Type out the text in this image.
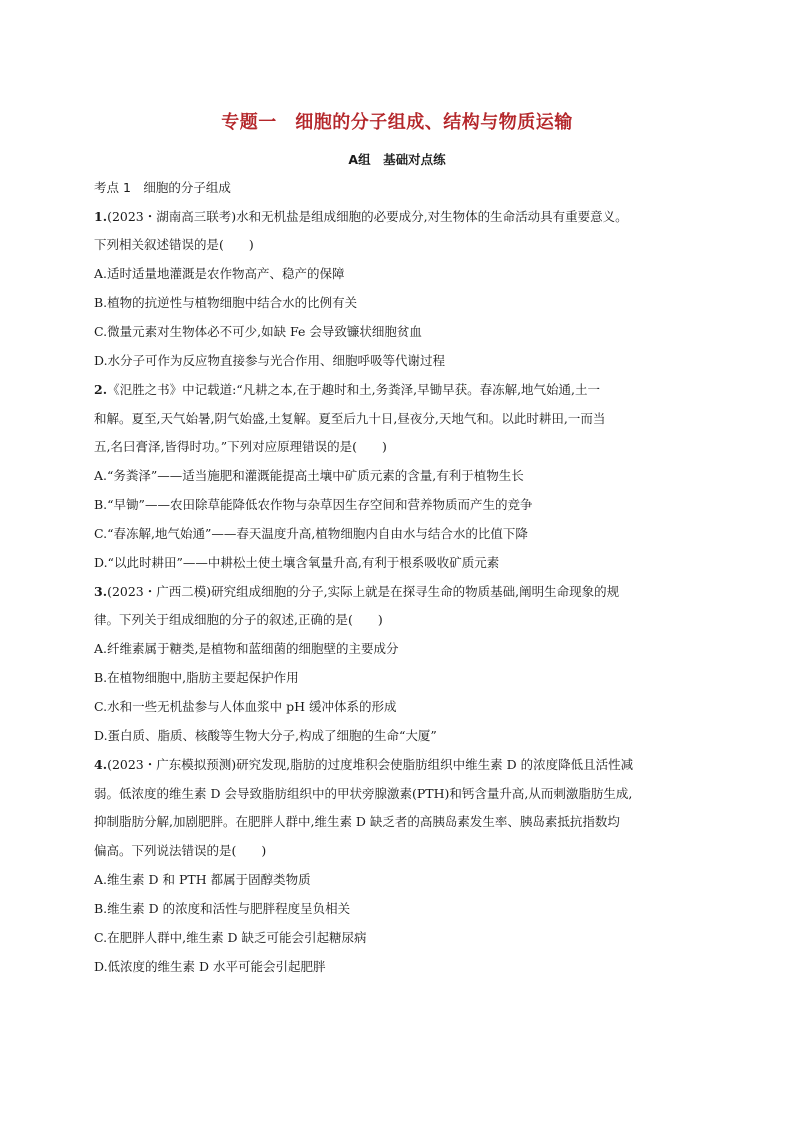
专题一　细胞的分子组成、结构与物质运输
A组　基础对点练
考点 1　细胞的分子组成
1.(2023・湖南高三联考)水和无机盐是组成细胞的必要成分,对生物体的生命活动具有重要意义。
下列相关叙述错误的是(　　)
A.适时适量地灌溉是农作物高产、稳产的保障
B.植物的抗逆性与植物细胞中结合水的比例有关
C.微量元素对生物体必不可少,如缺 Fe 会导致镰状细胞贫血
D.水分子可作为反应物直接参与光合作用、细胞呼吸等代谢过程
2.《氾胜之书》中记载道:“凡耕之本,在于趣时和土,务粪泽,早锄早获。春冻解,地气始通,土一
和解。夏至,天气始暑,阴气始盛,土复解。夏至后九十日,昼夜分,天地气和。以此时耕田,一而当
五,名曰膏泽,皆得时功。”下列对应原理错误的是(　　)
A.“务粪泽”——适当施肥和灌溉能提高土壤中矿质元素的含量,有利于植物生长
B.“早锄”——农田除草能降低农作物与杂草因生存空间和营养物质而产生的竞争
C.“春冻解,地气始通”——春天温度升高,植物细胞内自由水与结合水的比值下降
D.“以此时耕田”——中耕松土使土壤含氧量升高,有利于根系吸收矿质元素
3.(2023・广西二模)研究组成细胞的分子,实际上就是在探寻生命的物质基础,阐明生命现象的规
律。下列关于组成细胞的分子的叙述,正确的是(　　)
A.纤维素属于糖类,是植物和蓝细菌的细胞壁的主要成分
B.在植物细胞中,脂肪主要起保护作用
C.水和一些无机盐参与人体血浆中 pH 缓冲体系的形成
D.蛋白质、脂质、核酸等生物大分子,构成了细胞的生命“大厦”
4.(2023・广东模拟预测)研究发现,脂肪的过度堆积会使脂肪组织中维生素 D 的浓度降低且活性减
弱。低浓度的维生素 D 会导致脂肪组织中的甲状旁腺激素(PTH)和钙含量升高,从而刺激脂肪生成,
抑制脂肪分解,加剧肥胖。在肥胖人群中,维生素 D 缺乏者的高胰岛素发生率、胰岛素抵抗指数均
偏高。下列说法错误的是(　　)
A.维生素 D 和 PTH 都属于固醇类物质
B.维生素 D 的浓度和活性与肥胖程度呈负相关
C.在肥胖人群中,维生素 D 缺乏可能会引起糖尿病
D.低浓度的维生素 D 水平可能会引起肥胖
